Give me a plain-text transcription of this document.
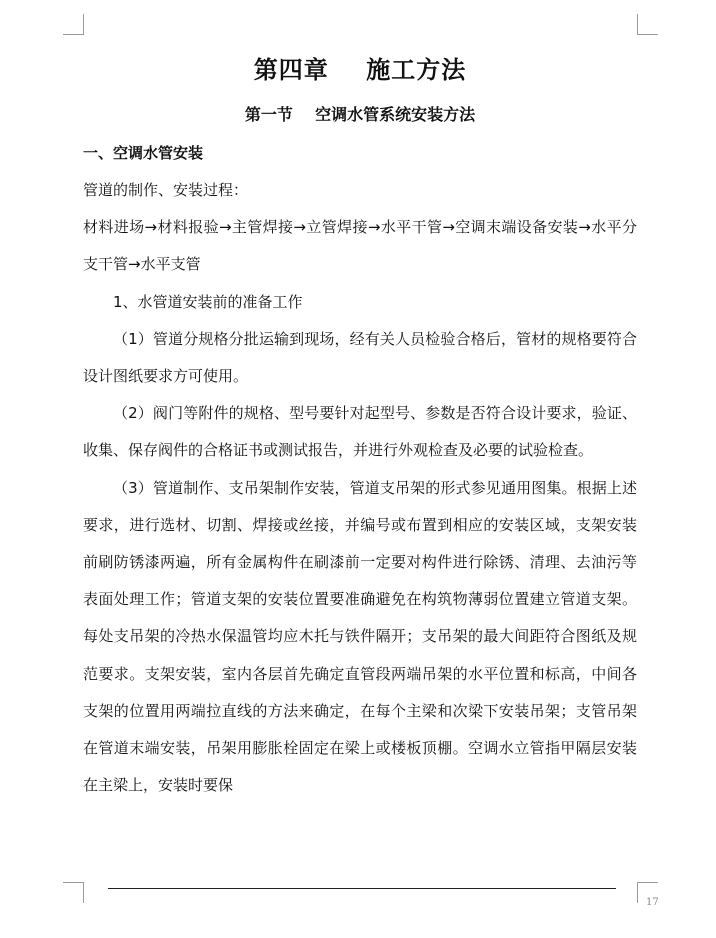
第四章    施工方法
第一节    空调水管系统安装方法
一、空调水管安装

管道的制作、安装过程：

材料进场→材料报验→主管焊接→立管焊接→水平干管→空调末端设备安装→水平分支干管→水平支管

1、水管道安装前的准备工作

（1）管道分规格分批运输到现场，经有关人员检验合格后，管材的规格要符合设计图纸要求方可使用。

（2）阀门等附件的规格、型号要针对起型号、参数是否符合设计要求，验证、收集、保存阀件的合格证书或测试报告，并进行外观检查及必要的试验检查。

（3）管道制作、支吊架制作安装，管道支吊架的形式参见通用图集。根据上述要求，进行选材、切割、焊接或丝接，并编号或布置到相应的安装区域，支架安装前刷防锈漆两遍，所有金属构件在刷漆前一定要对构件进行除锈、清理、去油污等表面处理工作；管道支架的安装位置要准确避免在构筑物薄弱位置建立管道支架。每处支吊架的冷热水保温管均应木托与铁件隔开；支吊架的最大间距符合图纸及规范要求。支架安装，室内各层首先确定直管段两端吊架的水平位置和标高，中间各支架的位置用两端拉直线的方法来确定，在每个主梁和次梁下安装吊架；支管吊架在管道末端安装，吊架用膨胀栓固定在梁上或楼板顶棚。空调水立管指甲隔层安装在主梁上，安装时要保

17
